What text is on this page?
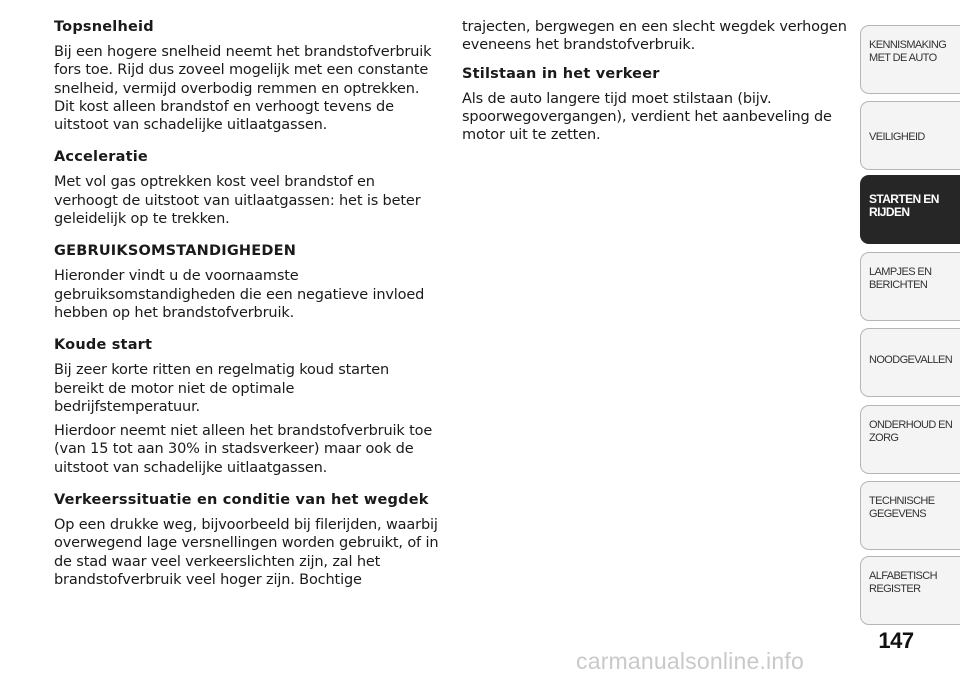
Topsnelheid

Bij een hogere snelheid neemt het brandstofverbruik fors toe. Rijd dus zoveel mogelijk met een constante snelheid, vermijd overbodig remmen en optrekken. Dit kost alleen brandstof en verhoogt tevens de uitstoot van schadelijke uitlaatgassen.

Acceleratie

Met vol gas optrekken kost veel brandstof en verhoogt de uitstoot van uitlaatgassen: het is beter geleidelijk op te trekken.

GEBRUIKSOMSTANDIGHEDEN

Hieronder vindt u de voornaamste gebruiksomstandigheden die een negatieve invloed hebben op het brandstofverbruik.

Koude start

Bij zeer korte ritten en regelmatig koud starten bereikt de motor niet de optimale bedrijfstemperatuur.

Hierdoor neemt niet alleen het brandstofverbruik toe (van 15 tot aan 30% in stadsverkeer) maar ook de uitstoot van schadelijke uitlaatgassen.

Verkeerssituatie en conditie van het wegdek

Op een drukke weg, bijvoorbeeld bij filerijden, waarbij overwegend lage versnellingen worden gebruikt, of in de stad waar veel verkeerslichten zijn, zal het brandstofverbruik veel hoger zijn. Bochtige

trajecten, bergwegen en een slecht wegdek verhogen eveneens het brandstofverbruik.

Stilstaan in het verkeer

Als de auto langere tijd moet stilstaan (bijv. spoorwegovergangen), verdient het aanbeveling de motor uit te zetten.

KENNISMAKING
MET DE AUTO
VEILIGHEID
STARTEN EN
RIJDEN
LAMPJES EN
BERICHTEN
NOODGEVALLEN
ONDERHOUD EN
ZORG
TECHNISCHE
GEGEVENS
ALFABETISCH
REGISTER
147
carmanualsonline.info
